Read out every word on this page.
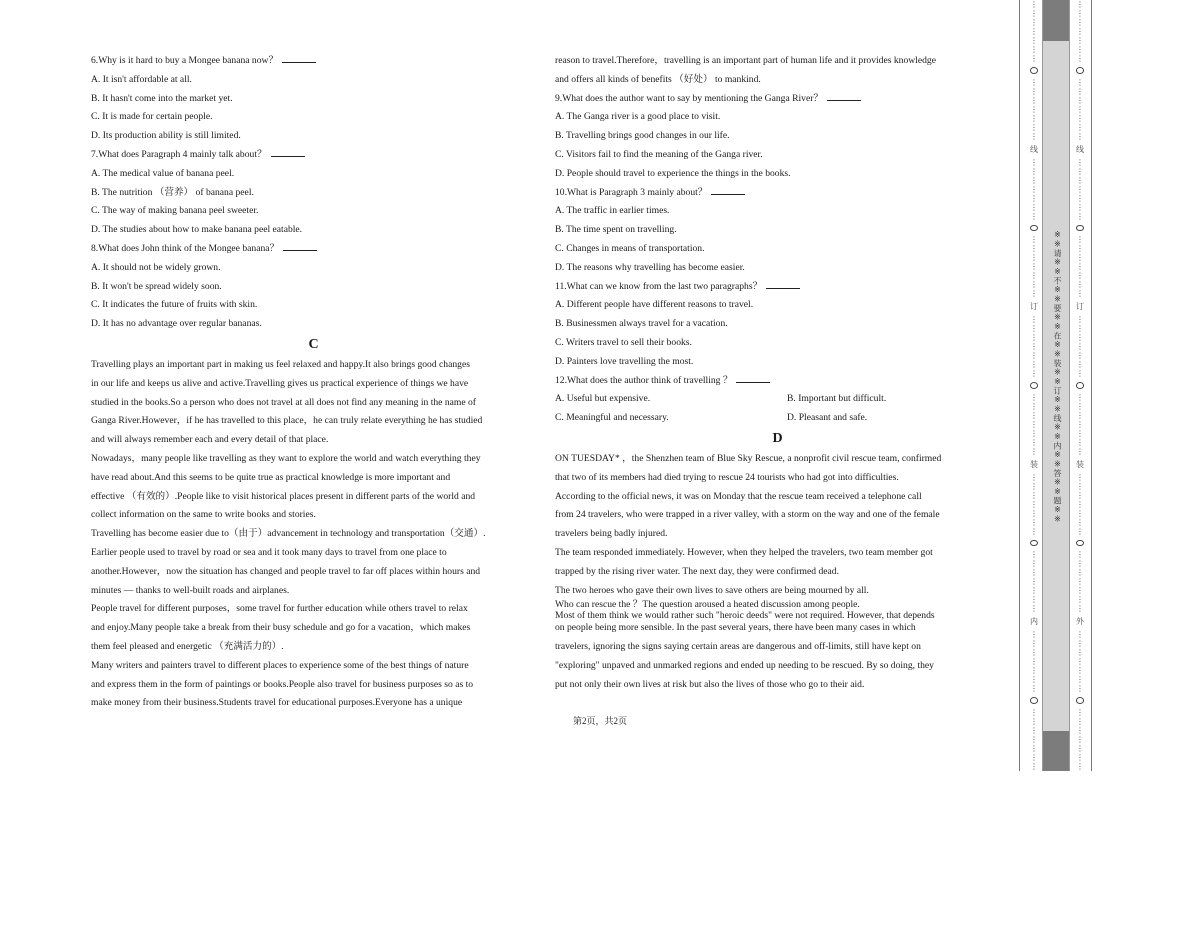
6.Why is it hard to buy a Mongee banana now？
A. It isn't affordable at all.
B. It hasn't come into the market yet.
C. It is made for certain people.
D. Its production ability is still limited.
7.What does Paragraph 4 mainly talk about？
A. The medical value of banana peel.
B. The nutrition （营养） of banana peel.
C. The way of making banana peel sweeter.
D. The studies about how to make banana peel eatable.
8.What does John think of the Mongee banana？
A. It should not be widely grown.
B. It won't be spread widely soon.
C. It indicates the future of fruits with skin.
D. It has no advantage over regular bananas.
C
Travelling plays an important part in making us feel relaxed and happy.It also brings good changes
in our life and keeps us alive and active.Travelling gives us practical experience of things we have
studied in the books.So a person who does not travel at all does not find any meaning in the name of
Ganga River.However，if he has travelled to this place，he can truly relate everything he has studied
and will always remember each and every detail of that place.
Nowadays，many people like travelling as they want to explore the world and watch everything they
have read about.And this seems to be quite true as practical knowledge is more important and
effective （有效的）.People like to visit historical places present in different parts of the world and
collect information on the same to write books and stories.
Travelling has become easier due to（由于）advancement in technology and transportation（交通）.
Earlier people used to travel by road or sea and it took many days to travel from one place to
another.However，now the situation has changed and people travel to far off places within hours and
minutes — thanks to well-built roads and airplanes.
People travel for different purposes，some travel for further education while others travel to relax
and enjoy.Many people take a break from their busy schedule and go for a vacation，which makes
them feel pleased and energetic （充满活力的）.
Many writers and painters travel to different places to experience some of the best things of nature
and express them in the form of paintings or books.People also travel for business purposes so as to
make money from their business.Students travel for educational purposes.Everyone has a unique
reason to travel.Therefore，travelling is an important part of human life and it provides knowledge
and offers all kinds of benefits （好处） to mankind.
9.What does the author want to say by mentioning the Ganga River？
A. The Ganga river is a good place to visit.
B. Travelling brings good changes in our life.
C. Visitors fail to find the meaning of the Ganga river.
D. People should travel to experience the things in the books.
10.What is Paragraph 3 mainly about？
A. The traffic in earlier times.
B. The time spent on travelling.
C. Changes in means of transportation.
D. The reasons why travelling has become easier.
11.What can we know from the last two paragraphs？
A. Different people have different reasons to travel.
B. Businessmen always travel for a vacation.
C. Writers travel to sell their books.
D. Painters love travelling the most.
12.What does the author think of travelling ？
A. Useful but expensive.	B. Important but difficult.
C. Meaningful and necessary.	D. Pleasant and safe.
D
ON TUESDAY* ，the Shenzhen team of Blue Sky Rescue, a nonprofit civil rescue team, confirmed
that two of its members had died trying to rescue 24 tourists who had got into difficulties.
According to the official news, it was on Monday that the rescue team received a telephone call
from 24 travelers, who were trapped in a river valley, with a storm on the way and one of the female
travelers being badly injured.
The team responded immediately. However, when they helped the travelers, two team member got
trapped by the rising river water. The next day, they were confirmed dead.
The two heroes who gave their own lives to save others are being mourned by all.
Who can rescue the ？The question aroused a heated discussion among people.
Most of them think we would rather such "heroic deeds" were not required. However, that depends
on people being more sensible. In the past several years, there have been many cases in which
travelers, ignoring the signs saying certain areas are dangerous and off-limits, still have kept on
"exploring" unpaved and unmarked regions and ended up needing to be rescued. By so doing, they
put not only their own lives at risk but also the lives of those who go to their aid.
第2页，共2页
⋮
⋮
⋮
⋮
⋮
⋮
⋮
⋮
⋮
⋮
⋮
⋮
⋮
⋮
线
⋮
⋮
⋮
⋮
⋮
⋮
⋮
⋮
⋮
⋮
⋮
⋮
⋮
⋮
订
⋮
⋮
⋮
⋮
⋮
⋮
⋮
⋮
⋮
⋮
⋮
⋮
⋮
⋮
装
⋮
⋮
⋮
⋮
⋮
⋮
⋮
⋮
⋮
⋮
⋮
⋮
⋮
⋮
内
⋮
⋮
⋮
⋮
⋮
⋮
⋮
⋮
⋮
⋮
⋮
⋮
⋮
⋮
⋮
⋮
⋮
⋮
⋮
⋮
⋮
⋮
⋮
⋮
⋮
⋮
⋮
⋮
线
⋮
⋮
⋮
⋮
⋮
⋮
⋮
⋮
⋮
⋮
⋮
⋮
⋮
⋮
订
⋮
⋮
⋮
⋮
⋮
⋮
⋮
⋮
⋮
⋮
⋮
⋮
⋮
⋮
装
⋮
⋮
⋮
⋮
⋮
⋮
⋮
⋮
⋮
⋮
⋮
⋮
⋮
⋮
外
⋮
⋮
⋮
⋮
⋮
⋮
⋮
⋮
⋮
⋮
⋮
⋮
⋮
⋮
※※请※※不※※要※※在※※装※※订※※线※※内※※答※※题※※
